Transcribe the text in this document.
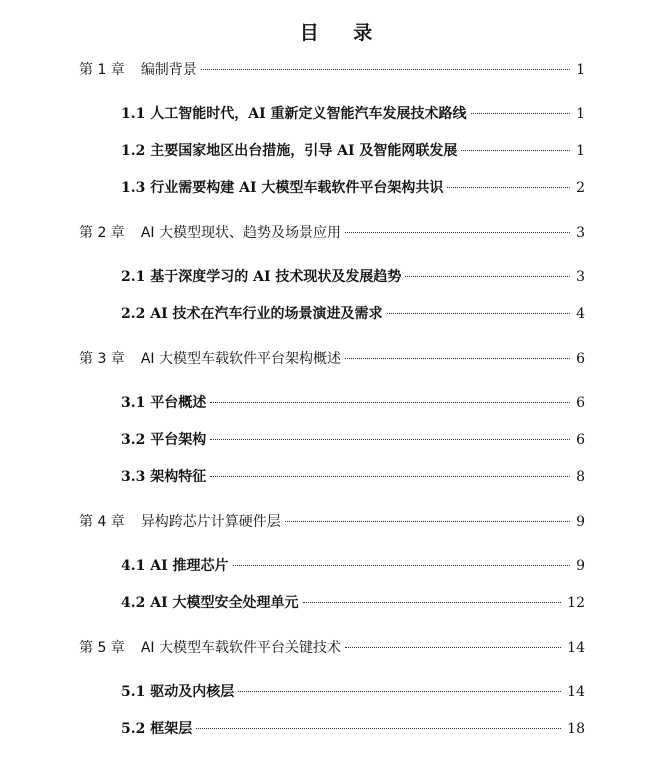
目 录
第 1 章 编制背景	1
1.1 人工智能时代，AI 重新定义智能汽车发展技术路线	1
1.2 主要国家地区出台措施，引导 AI 及智能网联发展	1
1.3 行业需要构建 AI 大模型车载软件平台架构共识	2
第 2 章 AI 大模型现状、趋势及场景应用	3
2.1 基于深度学习的 AI 技术现状及发展趋势	3
2.2 AI 技术在汽车行业的场景演进及需求	4
第 3 章 AI 大模型车载软件平台架构概述	6
3.1 平台概述	6
3.2 平台架构	6
3.3 架构特征	8
第 4 章 异构跨芯片计算硬件层	9
4.1 AI 推理芯片	9
4.2 AI 大模型安全处理单元	12
第 5 章 AI 大模型车载软件平台关键技术	14
5.1 驱动及内核层	14
5.2 框架层	18
